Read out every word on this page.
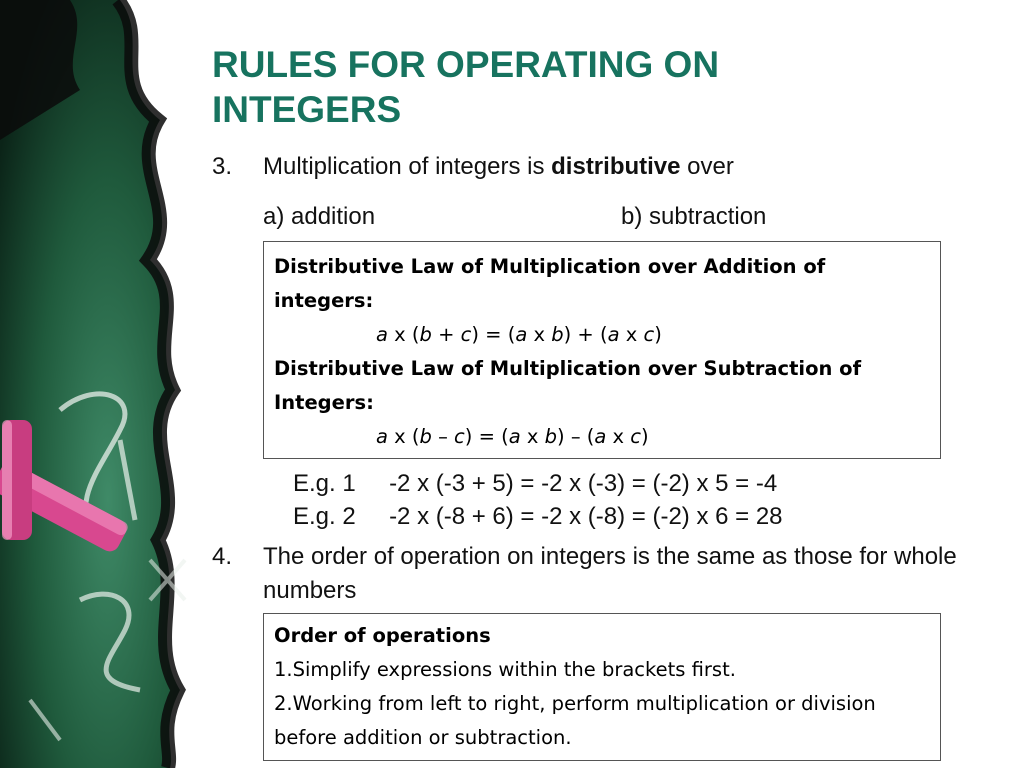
RULES FOR OPERATING ON
INTEGERS
3. Multiplication of integers is distributive over
a) addition	b) subtraction
Distributive Law of Multiplication over Addition of integers:
a x (b + c) = (a x b) + (a x c)
Distributive Law of Multiplication over Subtraction of Integers:
a x (b – c) = (a x b) – (a x c)
E.g. 1 -2 x (-3 + 5) = -2 x (-3) = (-2) x 5 = -4
E.g. 2 -2 x (-8 + 6) = -2 x (-8) = (-2) x 6 = 28
4. The order of operation on integers is the same as those for whole numbers
Order of operations
1.Simplify expressions within the brackets first.
2.Working from left to right, perform multiplication or division before addition or subtraction.
